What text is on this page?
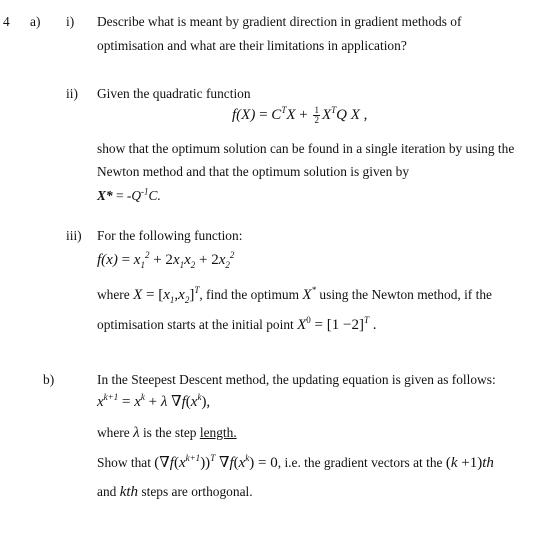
4 a) i) Describe what is meant by gradient direction in gradient methods of
optimisation and what are their limitations in application?
ii) Given the quadratic function
$f(X) = C^TX + \frac{1}{2} X^TQ$ X ,
show that the optimum solution can be found in a single iteration by using the
Newton method and that the optimum solution is given by
$X* = -Q^{-1}C$.
iii) For the following function:
$f(x) = x_1^2 + 2x_1x_2 + 2x_2^2$
where $X = [x_1,x_2]^T$, find the optimum X* using the Newton method, if the
optimisation starts at the initial point $X^0 = [1 -2]^T$ .
b)	In the Steepest Descent method, the updating equation is given as follows:
$x^{k+1} = x^k + \lambda$ $\nabla f(x^k)$,
where λ is the step length.
Show that $(\nabla f(x^{k+1}))^T$ $\nabla f(x^k) = 0$, i.e. the gradient vectors at the (k +1)th
and kth steps are orthogonal.
